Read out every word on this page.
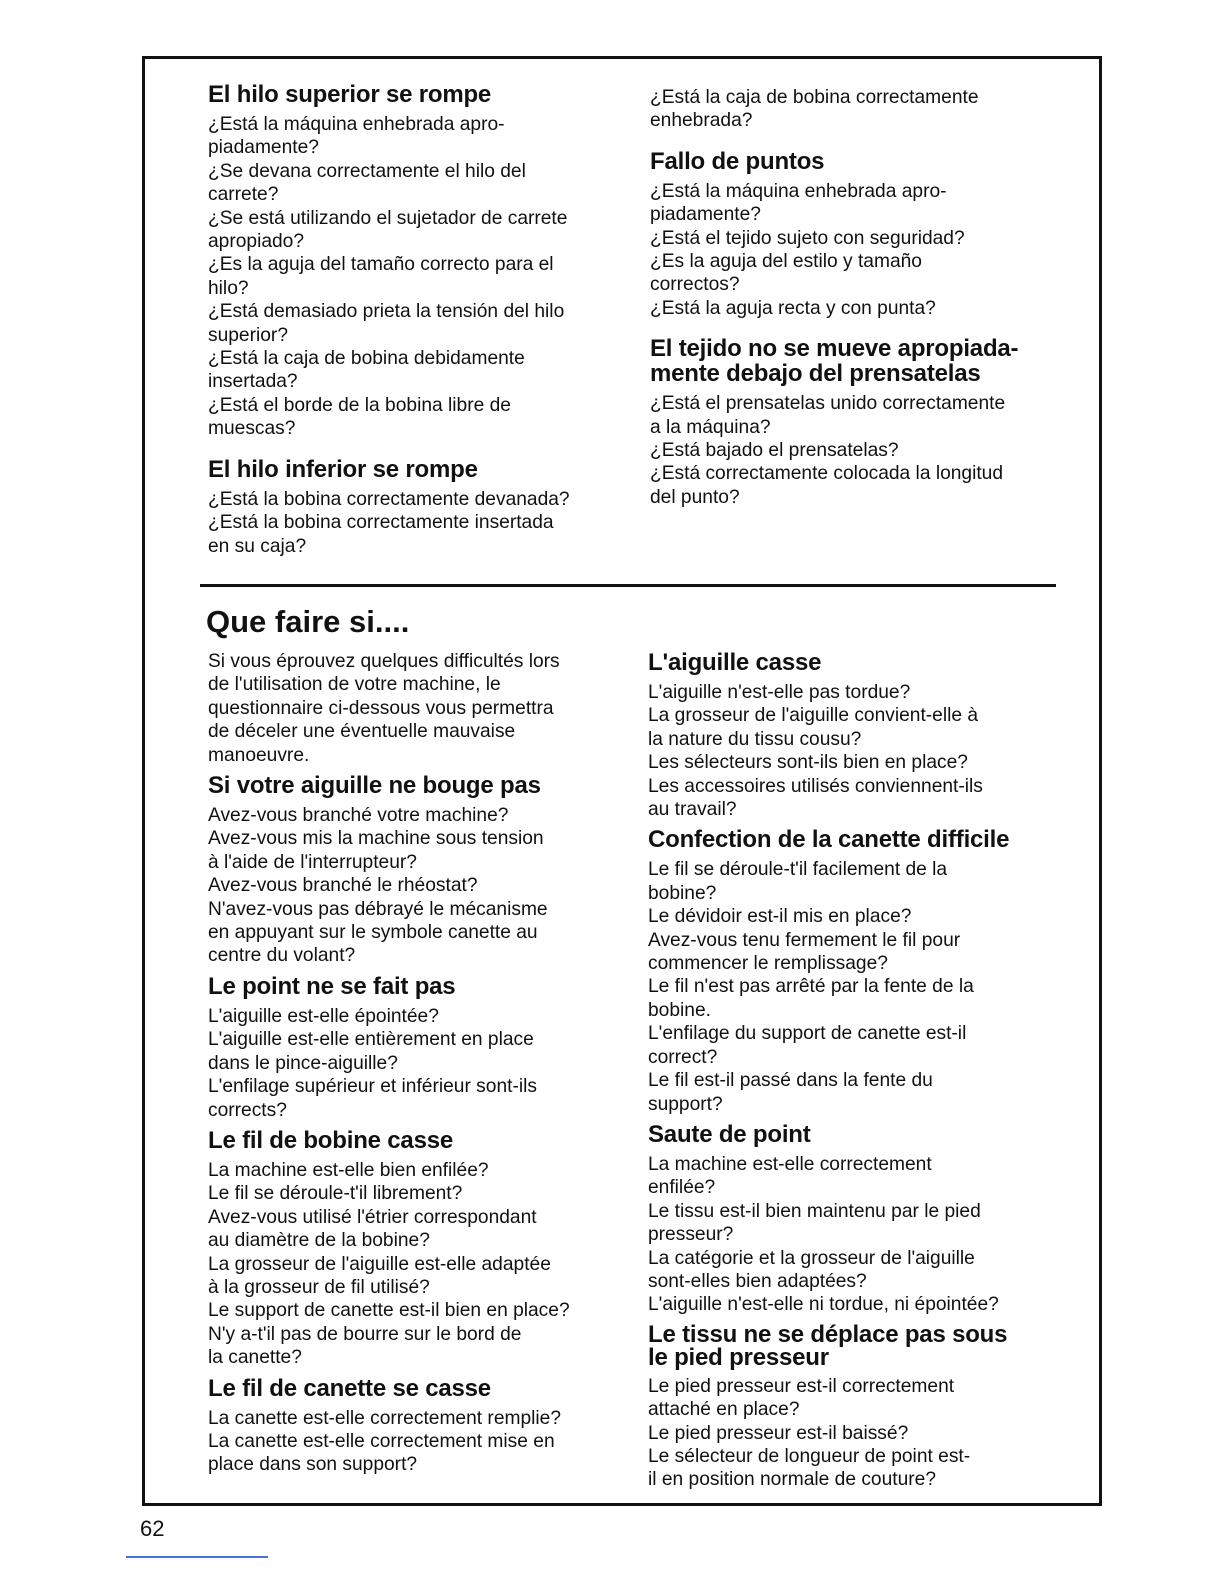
El hilo superior se rompe

¿Está la máquina enhebrada apro-

piadamente?

¿Se devana correctamente el hilo del

carrete?

¿Se está utilizando el sujetador de carrete

apropiado?

¿Es la aguja del tamaño correcto para el

hilo?

¿Está demasiado prieta la tensión del hilo

superior?

¿Está la caja de bobina debidamente

insertada?

¿Está el borde de la bobina libre de

muescas?

El hilo inferior se rompe

¿Está la bobina correctamente devanada?

¿Está la bobina correctamente insertada

en su caja?

¿Está la caja de bobina correctamente

enhebrada?

Fallo de puntos

¿Está la máquina enhebrada apro-

piadamente?

¿Está el tejido sujeto con seguridad?

¿Es la aguja del estilo y tamaño

correctos?

¿Está la aguja recta y con punta?

El tejido no se mueve apropiada-
mente debajo del prensatelas

¿Está el prensatelas unido correctamente

a la máquina?

¿Está bajado el prensatelas?

¿Está correctamente colocada la longitud

del punto?

Que faire si....

Si vous éprouvez quelques difficultés lors

de l'utilisation de votre machine, le

questionnaire ci-dessous vous permettra

de déceler une éventuelle mauvaise

manoeuvre.

Si votre aiguille ne bouge pas

Avez-vous branché votre machine?

Avez-vous mis la machine sous tension

à l'aide de l'interrupteur?

Avez-vous branché le rhéostat?

N'avez-vous pas débrayé le mécanisme

en appuyant sur le symbole canette au

centre du volant?

Le point ne se fait pas

L'aiguille est-elle épointée?

L'aiguille est-elle entièrement en place

dans le pince-aiguille?

L'enfilage supérieur et inférieur sont-ils

corrects?

Le fil de bobine casse

La machine est-elle bien enfilée?

Le fil se déroule-t'il librement?

Avez-vous utilisé l'étrier correspondant

au diamètre de la bobine?

La grosseur de l'aiguille est-elle adaptée

à la grosseur de fil utilisé?

Le support de canette est-il bien en place?

N'y a-t'il pas de bourre sur le bord de

la canette?

Le fil de canette se casse

La canette est-elle correctement remplie?

La canette est-elle correctement mise en

place dans son support?

L'aiguille casse

L'aiguille n'est-elle pas tordue?

La grosseur de l'aiguille convient-elle à

la nature du tissu cousu?

Les sélecteurs sont-ils bien en place?

Les accessoires utilisés conviennent-ils

au travail?

Confection de la canette difficile

Le fil se déroule-t'il facilement de la

bobine?

Le dévidoir est-il mis en place?

Avez-vous tenu fermement le fil pour

commencer le remplissage?

Le fil n'est pas arrêté par la fente de la

bobine.

L'enfilage du support de canette est-il

correct?

Le fil est-il passé dans la fente du

support?

Saute de point

La machine est-elle correctement

enfilée?

Le tissu est-il bien maintenu par le pied

presseur?

La catégorie et la grosseur de l'aiguille

sont-elles bien adaptées?

L'aiguille n'est-elle ni tordue, ni épointée?

Le tissu ne se déplace pas sous
le pied presseur

Le pied presseur est-il correctement

attaché en place?

Le pied presseur est-il baissé?

Le sélecteur de longueur de point est-

il en position normale de couture?

62
